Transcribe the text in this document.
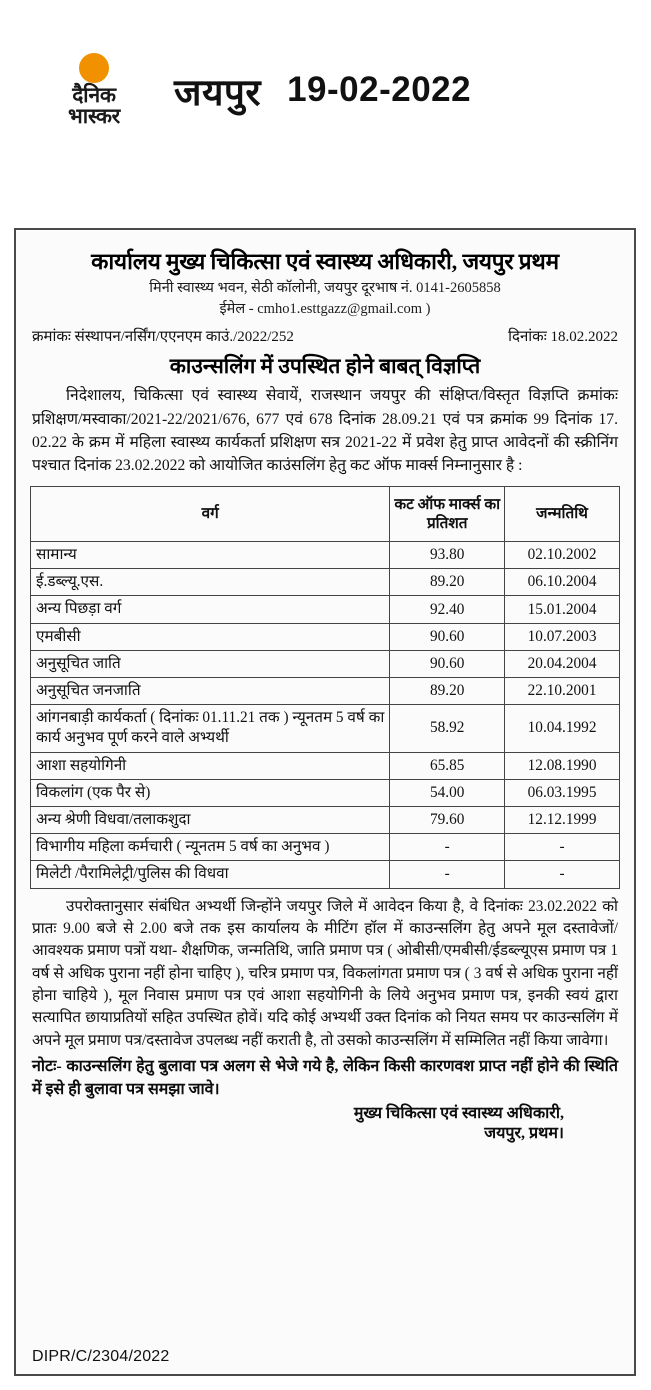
दैनिक
भास्कर
जयपुर 19-02-2022
कार्यालय मुख्य चिकित्सा एवं स्वास्थ्य अधिकारी, जयपुर प्रथम
मिनी स्वास्थ्य भवन, सेठी कॉलोनी, जयपुर दूरभाष नं. 0141-2605858
ईमेल - cmho1.esttgazz@gmail.com )
क्रमांकः संस्थापन/नर्सिंग/एएनएम काउं./2022/252	दिनांकः 18.02.2022
काउन्सलिंग में उपस्थित होने बाबत् विज्ञप्ति
निदेशालय, चिकित्सा एवं स्वास्थ्य सेवायें, राजस्थान जयपुर की संक्षिप्त/विस्तृत विज्ञप्ति क्रमांकः प्रशिक्षण/मस्वाका/2021-22/2021/676, 677 एवं 678 दिनांक 28.09.21 एवं पत्र क्रमांक 99 दिनांक 17. 02.22 के क्रम में महिला स्वास्थ्य कार्यकर्ता प्रशिक्षण सत्र 2021-22 में प्रवेश हेतु प्राप्त आवेदनों की स्क्रीनिंग पश्चात दिनांक 23.02.2022 को आयोजित काउंसलिंग हेतु कट ऑफ मार्क्स निम्नानुसार है :
वर्ग	कट ऑफ मार्क्स का प्रतिशत	जन्मतिथि
सामान्य	93.80	02.10.2002
ई.डब्ल्यू.एस.	89.20	06.10.2004
अन्य पिछड़ा वर्ग	92.40	15.01.2004
एमबीसी	90.60	10.07.2003
अनुसूचित जाति	90.60	20.04.2004
अनुसूचित जनजाति	89.20	22.10.2001
आंगनबाड़ी कार्यकर्ता ( दिनांकः 01.11.21 तक ) न्यूनतम 5 वर्ष का कार्य अनुभव पूर्ण करने वाले अभ्यर्थी	58.92	10.04.1992
आशा सहयोगिनी	65.85	12.08.1990
विकलांग (एक पैर से)	54.00	06.03.1995
अन्य श्रेणी विधवा/तलाकशुदा	79.60	12.12.1999
विभागीय महिला कर्मचारी ( न्यूनतम 5 वर्ष का अनुभव )	-	-
मिलेटी /पैरामिलेट्री/पुलिस की विधवा	-	-
उपरोक्तानुसार संबंधित अभ्यर्थी जिन्होंने जयपुर जिले में आवेदन किया है, वे दिनांकः 23.02.2022 को प्रातः 9.00 बजे से 2.00 बजे तक इस कार्यालय के मीटिंग हॉल में काउन्सलिंग हेतु अपने मूल दस्तावेजों/आवश्यक प्रमाण पत्रों यथा- शैक्षणिक, जन्मतिथि, जाति प्रमाण पत्र ( ओबीसी/एमबीसी/ईडब्ल्यूएस प्रमाण पत्र 1 वर्ष से अधिक पुराना नहीं होना चाहिए ), चरित्र प्रमाण पत्र, विकलांगता प्रमाण पत्र ( 3 वर्ष से अधिक पुराना नहीं होना चाहिये ), मूल निवास प्रमाण पत्र एवं आशा सहयोगिनी के लिये अनुभव प्रमाण पत्र, इनकी स्वयं द्वारा सत्यापित छायाप्रतियों सहित उपस्थित होवें। यदि कोई अभ्यर्थी उक्त दिनांक को नियत समय पर काउन्सलिंग में अपने मूल प्रमाण पत्र/दस्तावेज उपलब्ध नहीं कराती है, तो उसको काउन्सलिंग में सम्मिलित नहीं किया जावेगा।
नोटः- काउन्सलिंग हेतु बुलावा पत्र अलग से भेजे गये है, लेकिन किसी कारणवश प्राप्त नहीं होने की स्थिति में इसे ही बुलावा पत्र समझा जावे।
मुख्य चिकित्सा एवं स्वास्थ्य अधिकारी,
जयपुर, प्रथम।
DIPR/C/2304/2022
